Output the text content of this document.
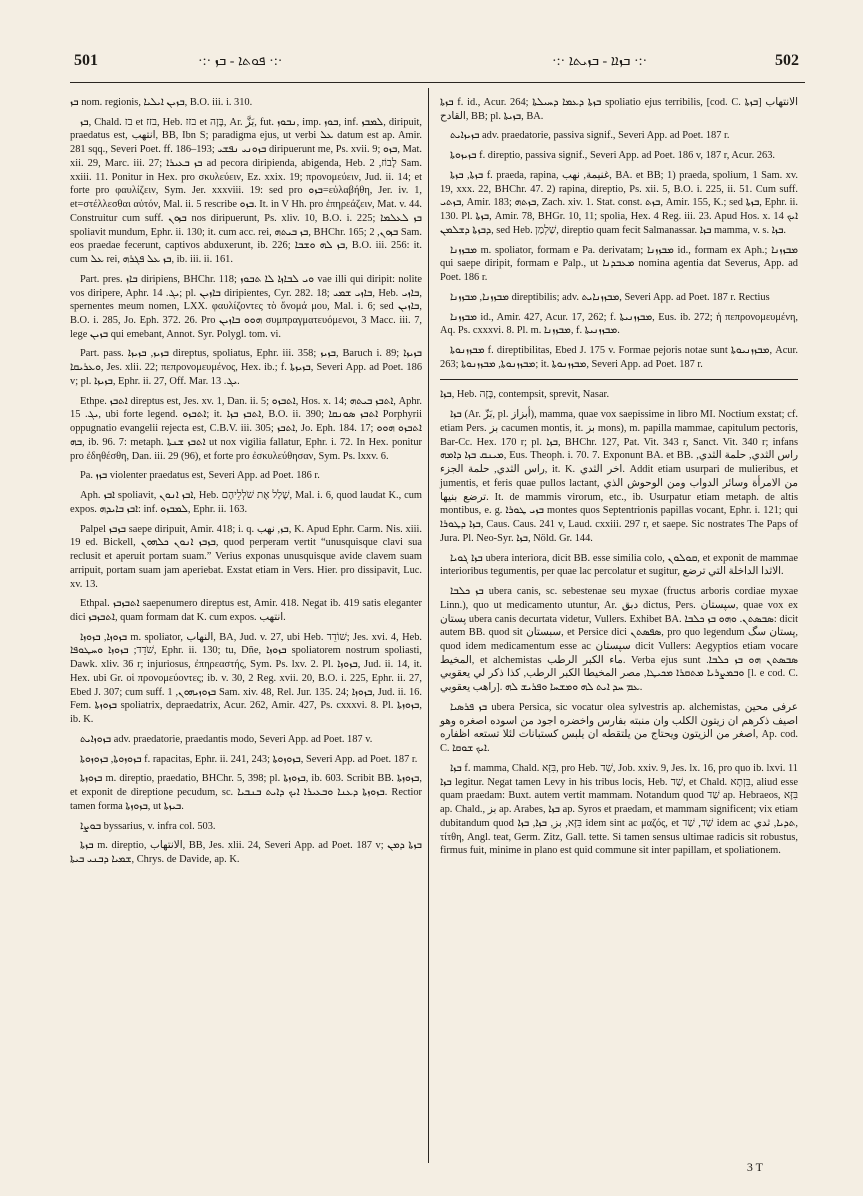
501	·:· ܦܘܬܐ - ܒܙ ·:·	·:· ܒܙܐܐ - ܒܙܝܬܐ ·:·	502

ܒܙ nom. regionis, ܒܙܝܢ ܐܝܠܝܐ, B.O. iii. i. 310.

ܒܙ, Chald. בז et בזז, Heb. בזז et בָּזָה, Ar. بَزَّ, fut. ܢܒܘܙ, imp. ܒܘܙ, inf. ܠܡܒܙ, diripuit, praedatus est, انتهب, BB, Ibn S; paradigma ejus, ut verbi ܥܠ datum est ap. Amir. 281 sqq., Severi Poet. ff. 186–193; ܒܙܘܢܝ ܢܦܫܝ diripuerunt me, Ps. xvii. 9; ܒܙܘ, Mat. xii. 29, Marc. iii. 27; ܒܙ ܒܥܝܪܐ ad pecora diripienda, abigenda, Heb. לָבוֹז, 2 Sam. xxiii. 11. Ponitur in Hex. pro σκυλεύειν, Ez. xxix. 19; προνομεύειν, Jud. ii. 14; et forte pro φαυλίζειν, Sym. Jer. xxxviii. 19: sed pro ܒܙܘ=εὐλαβήθη, Jer. iv. 1, et=στέλλεσθαι αὐτόν, Mal. ii. 5 rescribe ܒܙܘ. It. in V Hh. pro ἐπηρεάζειν, Mat. v. 44. Construitur cum suff. ܒܙܘܢ nos diripuerunt, Ps. xliv. 10, B.O. i. 225; ܒܙ ܠܥܠܡܐ spoliavit mundum, Ephr. ii. 130; it. cum acc. rei, ܒܙ ܒܝܬܗ, BHChr. 165; ܒܙܘܢ, 2 Sam. eos praedae fecerunt, captivos abduxerunt, ib. 226; ܒܙ ܠܗ ܘܫܒܐ, B.O. iii. 256: it. cum ܥܠ rei, ܒܙ ܥܠ ܦܓܪܗ, ib. iii. ii. 161.

Part. pres. ܒܐܙ diripiens, BHChr. 118; ܘܝ ܠܒܐܙܐ ܠܐ ܬܒܘܙ vae illi qui diripit: nolite vos diripere, Aphr. ܝܓ. 14; pl. ܒܐܙܝܢ diripientes, Cyr. 282. 18; ܒܐܙܝ ܫܡܝ, Heb. ܒܐܙܝ, spernentes meum nomen, LXX. φαυλίζοντες τὸ ὄνομά μου, Mal. i. 6; sed ܒܐܙܝܢ, B.O. i. 285, Jo. Eph. 372. 26. Pro ܗܘܘ ܒܐܙܝܢ συμπραγματευόμενοι, 3 Macc. iii. 7, lege ܒܙܝܢ qui emebant, Annot. Syr. Polygl. tom. vi.

Part. pass. ܒܙܝܙ, ܒܙܝܙܐ direptus, spoliatus, Ephr. iii. 358; ܒܙܝܙ, Baruch i. 89; ܒܙܝܙܐ ܘܥܪܝܩܐ, Jes. xlii. 22; πεπρονομευμένος, Hex. ib.; f. ܒܙܝܙܬܐ, Severi App. ad Poet. 186 v; pl. ܒܙܝܙܐ, Ephr. ii. 27, Off. Mar. ܝܓ. 13.

Ethpe. ܐܬܒܙ direptus est, Jes. xv. 1, Dan. ii. 5; ܐܬܒܙܘ, Hos. x. 14; ܐܬܒܙ ܒܝܬܗ, Aphr. ܝܓ. 15, ubi forte legend. ܐܬܒܙܘ; it. ܐܬܒܙ ܒܙܐ, B.O. ii. 390; ܐܬܒܙ ܣܘܢܩܐ Porphyrii oppugnatio evangelii rejecta est, C.B.V. iii. 305; ܐܬܒܙ, Jo. Eph. 184. 17; ܐܬܒܙܘ ܗܘܘ ܒܗ, ib. 96. 7: metaph. ܐܬܒܙ ܫܢܬܐ ut nox vigilia fallatur, Ephr. i. 72. In Hex. ponitur pro ἐδηθέσθη, Dan. iii. 29 (96), et forte pro ἐσκυλεύθησαν, Sym. Ps. lxxv. 6.

Pa. ܒܙܙ violenter praedatus est, Severi App. ad Poet. 186 r.

Aph. ܐܒܙ spoliavit, ܐܒܙ ܐܢܘܢ, Heb. שָׁלַל אֶת שֹׁלְלֵיהֶם, Mal. i. 6, quod laudat K., cum expos. ܐܒܙ ܒܐܝܕܗ: inf. ܠܡܒܙܘ, Ephr. ii. 163.

Palpel ܒܙܒܙ saepe diripuit, Amir. 418; i. q. ܒܙ, نهب, K. Apud Ephr. Carm. Nis. xiii. 19 ed. Bickell, ܒܙܒܙ ܐܢܘܢ ܟܠܗܘܢ, quod perperam vertit “unusquisque clavi sua reclusit et aperuit portam suam.” Verius exponas unusquisque avide clavem suam arripuit, portam suam jam aperiebat. Exstat etiam in Vers. Hier. pro dissipavit, Luc. xv. 13.

Ethpal. ܐܬܒܙܒܙ saepenumero direptus est, Amir. 418. Negat ib. 419 satis eleganter dici ܐܬܒܙܒܙ, quam formam dat K. cum expos. انتهب.

ܒܙܘܙܐ, ܒܙܘܙܐ m. spoliator, النهاب, BA, Jud. v. 27, ubi Heb. שׁוֹדֵד; Jes. xvi. 4, Heb. שֹׁדֵד; ܒܙܘܙܐ ܘܚܛܘܦܐ, Ephr. ii. 130; tu, Dñe, ܒܙܘܙܐ spoliatorem nostrum spoliasti, Dawk. xliv. 36 r; injuriosus, ἐπηρεαστής, Sym. Ps. lxv. 2. Pl. ܒܙܘܙܐ, Jud. ii. 14, it. Hex. ubi Gr. οἱ προνομεύοντες; ib. v. 30, 2 Reg. xvii. 20, B.O. i. 225, Ephr. ii. 27, Ebed J. 307; cum suff. ܒܙܘܙܝܗܘܢ, 1 Sam. xiv. 48, Rel. Jur. 135. 24; ܒܙܘܙܐ, Jud. ii. 16. Fem. ܒܙܘܙܬܐ spoliatrix, depraedatrix, Acur. 262, Amir. 427, Ps. cxxxvi. 8. Pl. ܒܙܘܙܬܐ, ib. K.

ܒܙܘܙܐܝܬ adv. praedatorie, praedantis modo, Severi App. ad Poet. 187 v.

ܒܙܘܙܘܬܐ, ܒܙܘܙܘܬܐ f. rapacitas, Ephr. ii. 241, 243; ܒܙܘܙܘܬܐ, Severi App. ad Poet. 187 r.

ܒܙܘܙܬܐ m. direptio, praedatio, BHChr. 5, 398; pl. ܒܙܘܙܬܐ, ib. 603. Scribit BB. ܒܙܘܙܬܐ, et exponit de direptione pecudum, sc. ܒܙܘܙܬܐ ܕܥܢܐ ܘܒܥܝܪܐ ܐܝܟ ܕܐܝܬ ܒܢܒܝܐ. Rectior tamen forma ܒܙܘܙܬܐ, ut ܒܝܙܬܐ.

ܒܘܨܐ byssarius, v. infra col. 503.

ܒܙܬܐ m. direptio, الانتهاب, BB, Jes. xlii. 24, Severi App. ad Poet. 187 v; ܒܙܬܐ ܕܡܢ ܫܡܝܐ ܕܒܢܝ ܒܝܬܐ, Chrys. de Davide, ap. K.

ܒܙܬܐ f. id., Acur. 264; ܒܙܬܐ ܕܥܡܐ ܕܚܝܠܬܐ spoliatio ejus terribilis, [cod. C. ܒܙܬܐ] الانتهاب القادح, BB; pl. ܒܙܝܬܐ, BA.

ܒܙܝܙܐܝܬ adv. praedatorie, passiva signif., Severi App. ad Poet. 187 r.

ܒܙܝܙܘܬܐ f. direptio, passiva signif., Severi App. ad Poet. 186 v, 187 r, Acur. 263.

ܒܙܬܐ, ܒܙܬܐ f. praeda, rapina, غنيمة, نهب, BA. et BB; 1) praeda, spolium, 1 Sam. xv. 19, xxx. 22, BHChr. 47. 2) rapina, direptio, Ps. xii. 5, B.O. i. 225, ii. 51. Cum suff. ܒܙܬܝ, Amir. 183; ܒܙܬܗ, Zach. xiv. 1. Stat. const. ܒܙܬ, Amir. 155, K.; sed ܒܙܬܐ, Ephr. ii. 130. Pl. ܒܙܬܐ, Amir. 78, BHGr. 10, 11; spolia, Hex. 4 Reg. iii. 23. Apud Hos. x. 14 ܐܝܟ ܕܒܙܬܐ ܕܫܠܡܢ, sed Heb. שַׁלְמַן, direptio quam fecit Salmanassar. ܒܙܐ mamma, v. s. ܒܙܐ.

ܡܒܙܙܢܐ m. spoliator, formam e Pa. derivatam; ܡܒܙܙܢܐ id., formam ex Aph.; ܡܒܙܙܢܐ qui saepe diripit, formam e Palp., ut ܡܥܒܕܢܐ nomina agentia dat Severus, App. ad Poet. 186 r.

ܡܒܙܙܢܐ, ܡܒܙܙܢܐ direptibilis; adv. ܡܒܙܙܢܐܝܬ, Severi App. ad Poet. 187 r. Rectius

ܡܒܙܙܢܐ id., Amir. 427, Acur. 17, 262; f. ܡܒܙܙܢܝܬܐ, Eus. ib. 272; ἡ πεπρονομευμένη, Aq. Ps. cxxxvi. 8. Pl. m. ܡܒܙܙܢܐ, f. ܡܒܙܙܢܝܬܐ.

ܡܒܙܙܢܘܬܐ f. direptibilitas, Ebed J. 175 v. Formae pejoris notae sunt ܡܒܙܙܢܝܘܬܐ, Acur. 263; ܡܒܙܙܢܘܬܐ, ܡܒܙܙܢܘܬܐ; it. ܡܒܙܙܢܘܬܐ, Severi App. ad Poet. 187 r.

ܒܙܐ, Heb. בָּזָה, contempsit, sprevit, Nasar.

ܒܙܐ (Ar. بَزّ, pl. أبزاز), mamma, quae vox saepissime in libro MI. Noctium exstat; cf. etiam Pers. بز cacumen montis, it. بز mons), m. papilla mammae, capitulum pectoris, Bar-Cc. Hex. 170 r; pl. ܒܙܐ, BHChr. 127, Pat. Vit. 343 r, Sanct. Vit. 340 r; infans ܡܝܢܩ ܒܙܐ ܕܐܡܗ, Eus. Theoph. i. 70. 7. Exponunt BA. et BB. راس الثدي, حلمة الثدي, راس الثدي, حلمة الجزء, it. K. اخر الثدي. Addit etiam usurpari de mulieribus, et jumentis, et feris quae pullos lactant, من الامرأة وسائر الدواب ومن الوحوش الذي ترضع بنيها. It. de mammis virorum, etc., ib. Usurpatur etiam metaph. de altis montibus, e. g. ܒܙܝ ܛܘܪܐ montes quos Septentrionis papillas vocant, Ephr. i. 121; qui ܒܙܐ ܕܛܘܪܐ, Caus. Caus. 241 v, Laud. cxxiii. 297 r, et saepe. Sic nostrates The Paps of Jura. Pl. Neo-Syr. ܒܙܐ, Nöld. Gr. 144.

ܒܙܐ ܓܘܝܐ ubera interiora, dicit BB. esse similia colo, ܩܘܠܘܢ, et exponit de mammae interioribus tegumentis, per quae lac percolatur et sugitur, الاثدا الداخلة التي ترضع.

ܒܙ ܟܠܒܐ ubera canis, sc. sebestenae seu myxae (fructus arboris cordiae myxae Linn.), quo ut medicamento utuntur, Ar. دبق dictus, Pers. سپستان, quae vox ex پستان ubera canis decurtata videtur, Vullers. Exhibet BA. ܣܒܣܬܢ. ܘܗܘ ܒܙ ܟܠܒܐ: dicit autem BB. quod sit سبستان, et Persice dici ܣܦܣܬܢ, pro quo legendum پستان سگ, quod idem medicamentum esse ac سپستان dicit Vullers: Aegyptios etiam vocare المخيط, et alchemistas ماء الكبر الرطب. Verba ejus sunt ܣܒܣܬܢ ܗܘ ܒܙ ܟܠܒܐ. ܘܒܡܨܪܝܐ ܡܬܩܪܐ ܡܟܝܛܐ, مصر المخيطا الكبر الرطب, كذا ذكر لي يعقوبي [l. e cod. C. راهب يعقوبي]. ܥܡ ܚܕ ܐܝܬ ܠܗ ܘܡܫܚܐ ܘܦܪܝܫ ܠܗ.

ܒܙ ܦܪܣܝܐ ubera Persica, sic vocatur olea sylvestris ap. alchemistas, عرفى محين اصيف ذكرهم ان زيتون الكلب وان منبته بفارس واخضره اجود من اسوده اصغره وهو اصغر من الزيتون ويحتاج من يلتقطه ان يلبس كستبانات لئلا تستعه اظفاره, Ap. cod. C. ܐܝܟ ܫܘܩܐ.

ܒܙܐ f. mamma, Chald. בִּזָּא, pro Heb. שַׁד, Job. xxiv. 9, Jes. lx. 16, pro quo ib. lxvi. 11 ܒܙܐ legitur. Negat tamen Levy in his tribus locis, Heb. שַׁד, et Chald. בִּזְתָא, aliud esse quam praedam: Buxt. autem vertit mammam. Notandum quod שַׁד ap. Hebraeos, בִּזָּא ap. Chald., بز ap. Arabes, ܒܙܐ ap. Syros et praedam, et mammam significent; vix etiam dubitandum quod בִּזָּא, بز, ܒܙܐ, ܒܙܐ idem sint ac μαζός, et שַׁד, שַׁד idem ac ܬܕܝܐ, ثدي, τίτθη, Angl. teat, Germ. Zitz, Gall. tette. Si tamen sensus ultimae radicis sit robustus, firmus fuit, minime in plano est quid commune sit inter papillam, et spoliationem.

3 T
